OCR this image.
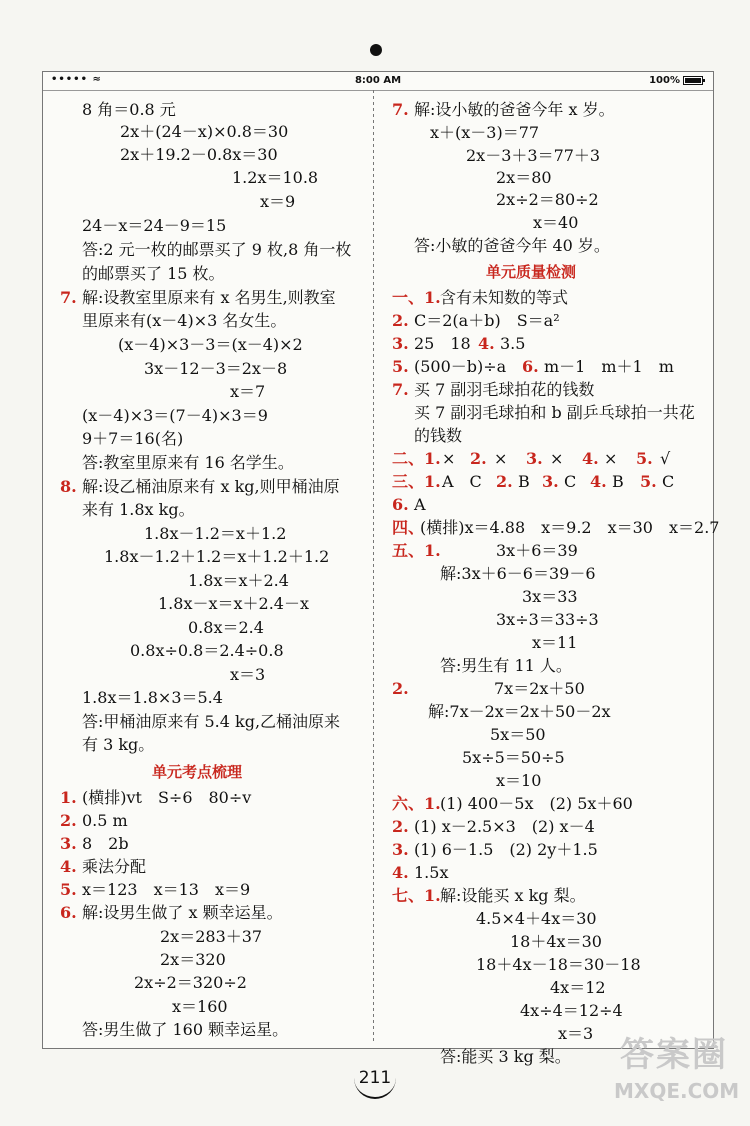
••••• ≈	8:00 AM	100%
8 角＝0.8 元
2x＋(24－x)×0.8＝30
2x＋19.2－0.8x＝30
1.2x＝10.8
x＝9
24－x＝24－9＝15
答:2 元一枚的邮票买了 9 枚,8 角一枚
的邮票买了 15 枚。
7. 解:设教室里原来有 x 名男生,则教室
里原来有(x－4)×3 名女生。
(x－4)×3－3＝(x－4)×2
3x－12－3＝2x－8
x＝7
(x－4)×3＝(7－4)×3＝9
9＋7＝16(名)
答:教室里原来有 16 名学生。
8. 解:设乙桶油原来有 x kg,则甲桶油原
来有 1.8x kg。
1.8x－1.2＝x＋1.2
1.8x－1.2＋1.2＝x＋1.2＋1.2
1.8x＝x＋2.4
1.8x－x＝x＋2.4－x
0.8x＝2.4
0.8x÷0.8＝2.4÷0.8
x＝3
1.8x＝1.8×3＝5.4
答:甲桶油原来有 5.4 kg,乙桶油原来
有 3 kg。
单元考点梳理
1. (横排)vt　S÷6　80÷v
2. 0.5 m
3. 8　2b
4. 乘法分配
5. x＝123　x＝13　x＝9
6. 解:设男生做了 x 颗幸运星。
2x＝283＋37
2x＝320
2x÷2＝320÷2
x＝160
答:男生做了 160 颗幸运星。
7. 解:设小敏的爸爸今年 x 岁。
x＋(x－3)＝77
2x－3＋3＝77＋3
2x＝80
2x÷2＝80÷2
x＝40
答:小敏的爸爸今年 40 岁。
单元质量检测
一、1. 含有未知数的等式
2. C＝2(a＋b)　S＝a²
3. 25　18 4. 3.5
5. (500－b)÷a 6. m－1　m＋1　m
7. 买 7 副羽毛球拍花的钱数
买 7 副羽毛球拍和 b 副乒乓球拍一共花
的钱数
二、1. × 2. × 3. × 4. × 5. √
三、1. A　C 2. B 3. C 4. B 5. C
6. A
四、
(横排)x＝4.88　x＝9.2　x＝30　x＝2.7
五、1.	3x＋6＝39
解:3x＋6－6＝39－6
3x＝33
3x÷3＝33÷3
x＝11
答:男生有 11 人。
2.	7x＝2x＋50
解:7x－2x＝2x＋50－2x
5x＝50
5x÷5＝50÷5
x＝10
六、1. (1) 400－5x　(2) 5x＋60
2. (1) x－2.5×3　(2) x－4
3. (1) 6－1.5　(2) 2y＋1.5
4. 1.5x
七、1. 解:设能买 x kg 梨。
4.5×4＋4x＝30
18＋4x＝30
18＋4x－18＝30－18
4x＝12
4x÷4＝12÷4
x＝3
答:能买 3 kg 梨。
211
答案圈
MXQE.COM
